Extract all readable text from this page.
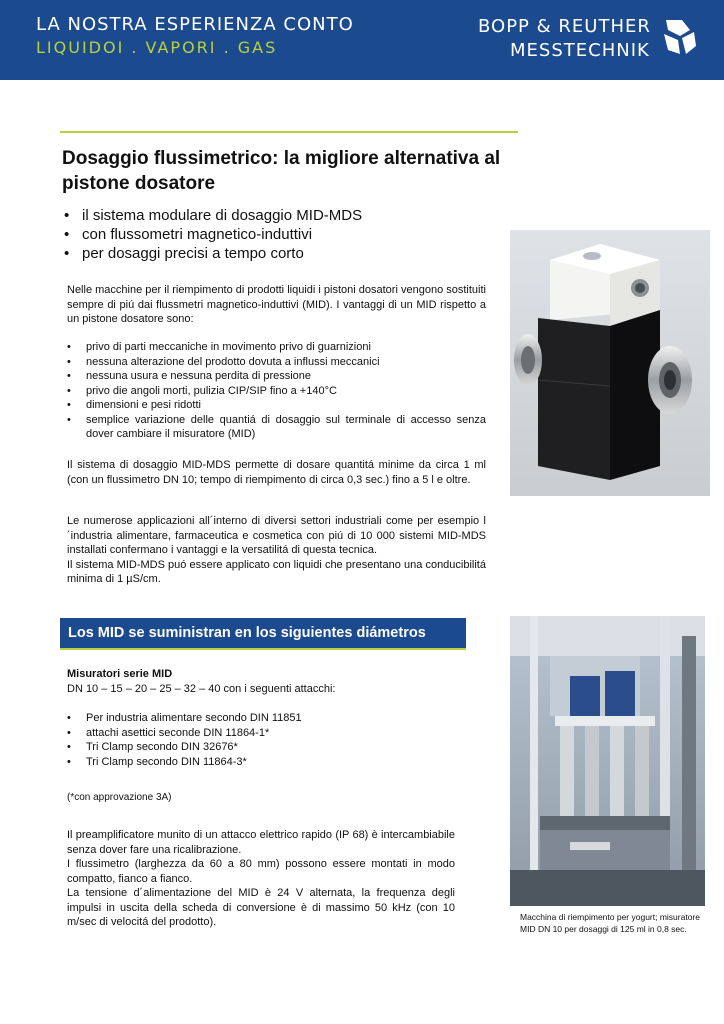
LA NOSTRA ESPERIENZA CONTO
LIQUIDOI . VAPORI . GAS
BOPP & REUTHER
MESSTECHNIK
Dosaggio flussimetrico: la migliore alternativa al pistone dosatore
• il sistema modulare di dosaggio MID-MDS
• con flussometri magnetico-induttivi
• per dosaggi precisi a tempo corto
Nelle macchine per il riempimento di prodotti liquidi i pistoni dosatori vengono sostituiti sempre di piú dai flussmetri magnetico-induttivi (MID). I vantaggi di un MID rispetto a un pistone dosatore sono:
• privo di parti meccaniche in movimento privo di guarnizioni
• nessuna alterazione del prodotto dovuta a influssi meccanici
• nessuna usura e nessuna perdita di pressione
• privo die angoli morti, pulizia CIP/SIP fino a +140°C
• dimensioni e pesi ridotti
• semplice variazione delle quantiá di dosaggio sul terminale di accesso senza dover cambiare il misuratore (MID)
Il sistema di dosaggio MID-MDS permette di dosare quantitá minime da circa 1 ml (con un flussimetro DN 10; tempo di riempimento di circa 0,3 sec.) fino a 5 l e oltre.
Le numerose applicazioni all´interno di diversi settori industriali come per esempio l´industria alimentare, farmaceutica e cosmetica con piú di 10 000 sistemi MID-MDS installati confermano i vantaggi e la versatilitá di questa tecnica.
Il sistema MID-MDS puó essere applicato con liquidi che presentano una conducibilitá minima di 1 µS/cm.
Los MID se suministran en los siguientes diámetros
Misuratori serie MID
DN 10 – 15 – 20 – 25 – 32 – 40 con i seguenti attacchi:
• Per industria alimentare secondo DIN 11851
• attachi asettici seconde DIN 11864-1*
• Tri Clamp secondo DIN 32676*
• Tri Clamp secondo DIN 11864-3*
(*con approvazione 3A)
Il preamplificatore munito di un attacco elettrico rapido (IP 68) è intercambiabile senza dover fare una ricalibrazione.
I flussimetro (larghezza da 60 a 80 mm) possono essere montati in modo compatto, fianco a fianco.
La tensione d´alimentazione del MID è 24 V alternata, la frequenza degli impulsi in uscita della scheda di conversione è di massimo 50 kHz (con 10 m/sec di velocitá del prodotto).	Macchina di riempimento per yogurt; misuratore MID DN 10 per dosaggi di 125 ml in 0,8 sec.
